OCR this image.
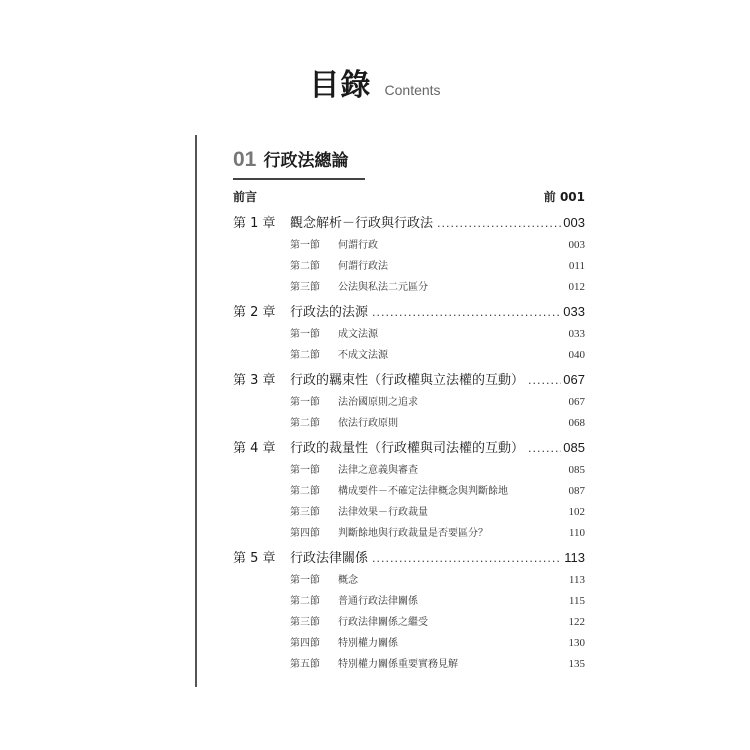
目錄 Contents
01 行政法總論
前言	前 001
第 1 章	觀念解析－行政與行政法 .....	003
第一節	何謂行政	003
第二節	何謂行政法	011
第三節	公法與私法二元區分	012
第 2 章	行政法的法源 .....	033
第一節	成文法源	033
第二節	不成文法源	040
第 3 章	行政的羈束性（行政權與立法權的互動） .....	067
第一節	法治國原則之追求	067
第二節	依法行政原則	068
第 4 章	行政的裁量性（行政權與司法權的互動） .....	085
第一節	法律之意義與審查	085
第二節	構成要件－不確定法律概念與判斷餘地	087
第三節	法律效果－行政裁量	102
第四節	判斷餘地與行政裁量是否要區分？	110
第 5 章	行政法律關係 .....	113
第一節	概念	113
第二節	普通行政法律關係	115
第三節	行政法律關係之繼受	122
第四節	特別權力關係	130
第五節	特別權力關係重要實務見解	135
